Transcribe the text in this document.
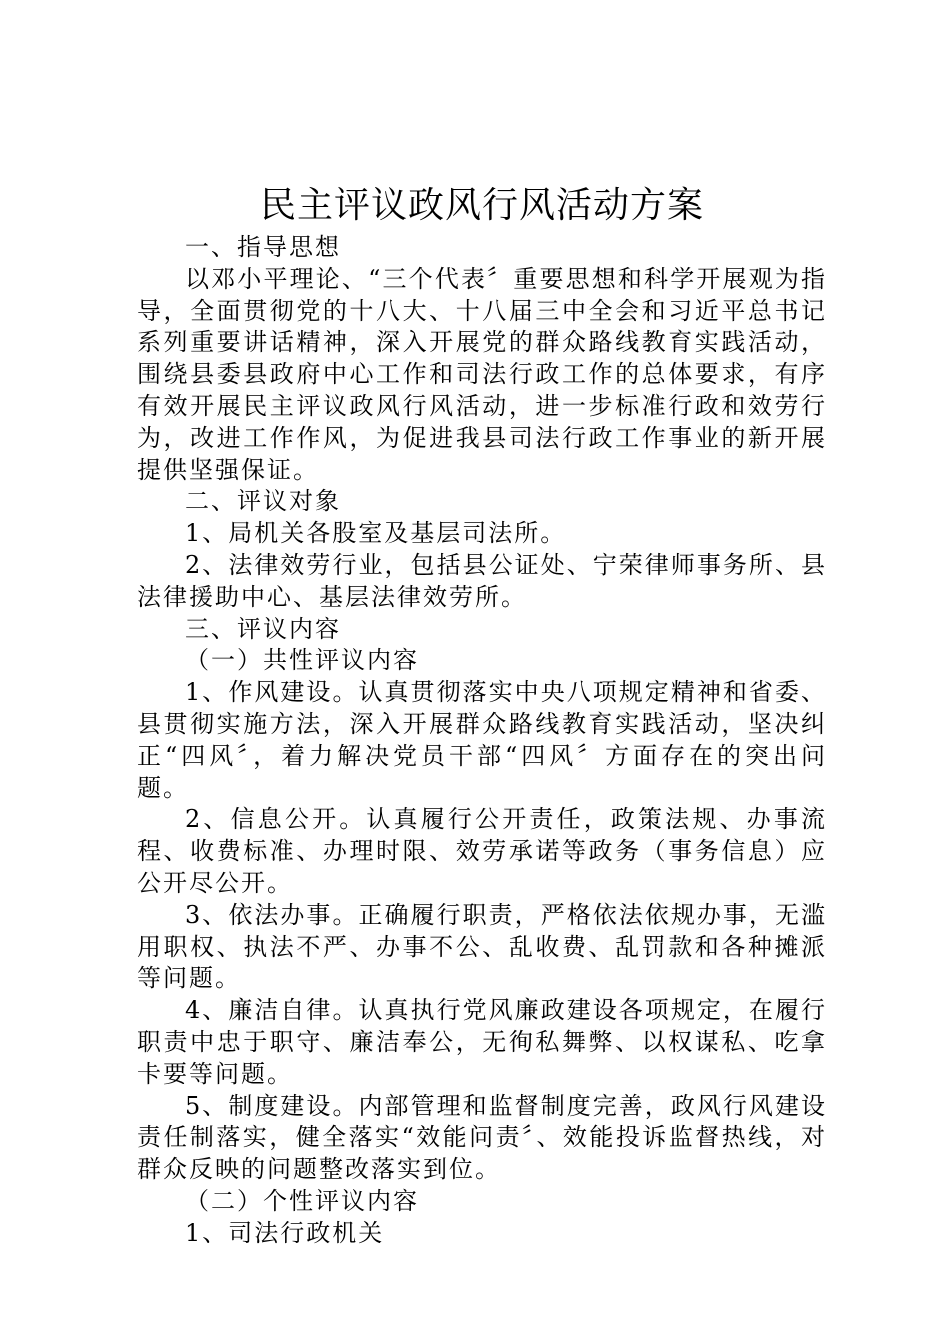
民主评议政风行风活动方案

一、指导思想

以邓小平理论、“三个代表〞重要思想和科学开展观为指导，全面贯彻党的十八大、十八届三中全会和习近平总书记系列重要讲话精神，深入开展党的群众路线教育实践活动，围绕县委县政府中心工作和司法行政工作的总体要求，有序有效开展民主评议政风行风活动，进一步标准行政和效劳行为，改进工作作风，为促进我县司法行政工作事业的新开展提供坚强保证。

二、评议对象

1、局机关各股室及基层司法所。

2、法律效劳行业，包括县公证处、宁荣律师事务所、县法律援助中心、基层法律效劳所。

三、评议内容

（一）共性评议内容

1、作风建设。认真贯彻落实中央八项规定精神和省委、县贯彻实施方法，深入开展群众路线教育实践活动，坚决纠正“四风〞，着力解决党员干部“四风〞方面存在的突出问题。

2、信息公开。认真履行公开责任，政策法规、办事流程、收费标准、办理时限、效劳承诺等政务（事务信息）应公开尽公开。

3、依法办事。正确履行职责，严格依法依规办事，无滥用职权、执法不严、办事不公、乱收费、乱罚款和各种摊派等问题。

4、廉洁自律。认真执行党风廉政建设各项规定，在履行职责中忠于职守、廉洁奉公，无徇私舞弊、以权谋私、吃拿卡要等问题。

5、制度建设。内部管理和监督制度完善，政风行风建设责任制落实，健全落实“效能问责〞、效能投诉监督热线，对群众反映的问题整改落实到位。

（二）个性评议内容

1、司法行政机关
